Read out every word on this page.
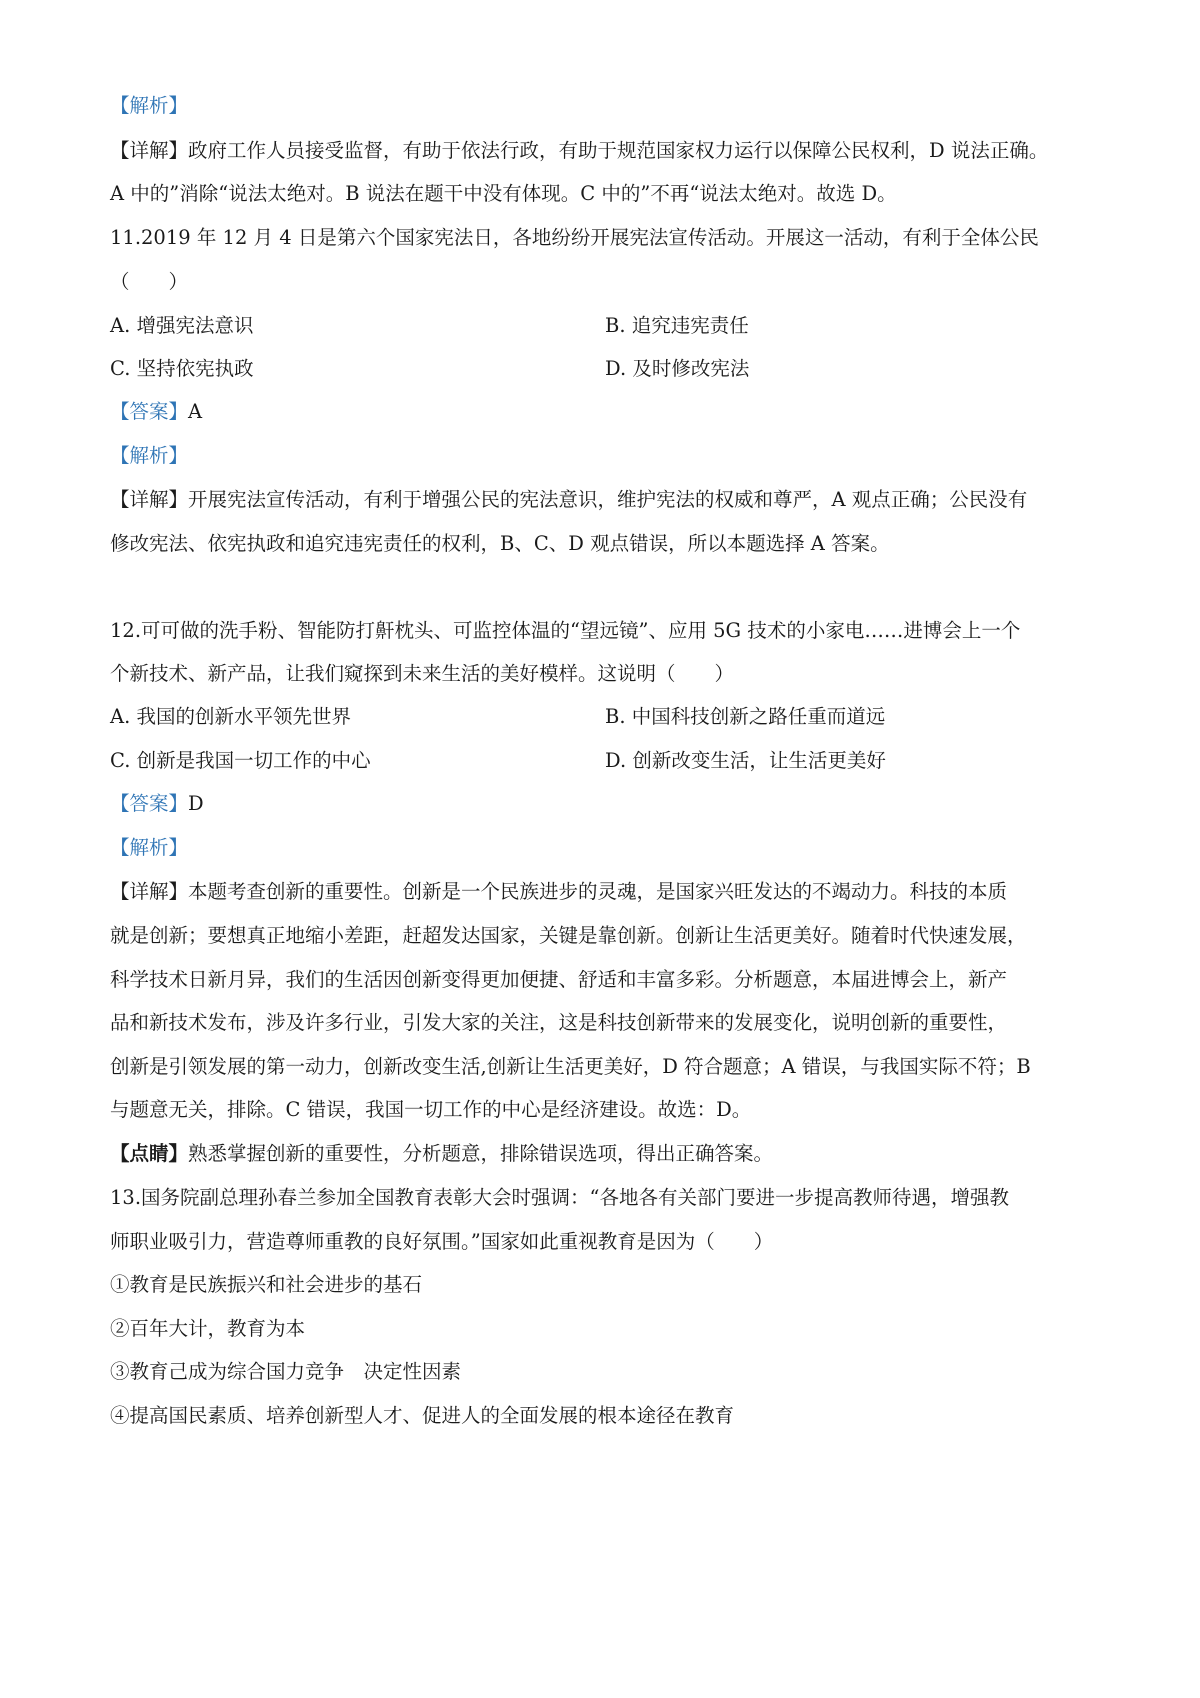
【解析】
【详解】政府工作人员接受监督，有助于依法行政，有助于规范国家权力运行以保障公民权利，D 说法正确。
A 中的”消除“说法太绝对。B 说法在题干中没有体现。C 中的”不再“说法太绝对。故选 D。
11.2019 年 12 月 4 日是第六个国家宪法日，各地纷纷开展宪法宣传活动。开展这一活动，有利于全体公民
（　　）
A. 增强宪法意识	B. 追究违宪责任
C. 坚持依宪执政	D. 及时修改宪法
【答案】A
【解析】
【详解】开展宪法宣传活动，有利于增强公民的宪法意识，维护宪法的权威和尊严，A 观点正确；公民没有
修改宪法、依宪执政和追究违宪责任的权利，B、C、D 观点错误，所以本题选择 A 答案。
12.可可做的洗手粉、智能防打鼾枕头、可监控体温的“望远镜”、应用 5G 技术的小家电……进博会上一个
个新技术、新产品，让我们窥探到未来生活的美好模样。这说明（　　）
A. 我国的创新水平领先世界	B. 中国科技创新之路任重而道远
C. 创新是我国一切工作的中心	D. 创新改变生活，让生活更美好
【答案】D
【解析】
【详解】本题考查创新的重要性。创新是一个民族进步的灵魂，是国家兴旺发达的不竭动力。科技的本质
就是创新；要想真正地缩小差距，赶超发达国家，关键是靠创新。创新让生活更美好。随着时代快速发展，
科学技术日新月异，我们的生活因创新变得更加便捷、舒适和丰富多彩。分析题意，本届进博会上，新产
品和新技术发布，涉及许多行业，引发大家的关注，这是科技创新带来的发展变化，说明创新的重要性，
创新是引领发展的第一动力，创新改变生活,创新让生活更美好，D 符合题意；A 错误，与我国实际不符；B
与题意无关，排除。C 错误，我国一切工作的中心是经济建设。故选：D。
【点睛】熟悉掌握创新的重要性，分析题意，排除错误选项，得出正确答案。
13.国务院副总理孙春兰参加全国教育表彰大会时强调：“各地各有关部门要进一步提高教师待遇，增强教
师职业吸引力，营造尊师重教的良好氛围。”国家如此重视教育是因为（　　）
①教育是民族振兴和社会进步的基石
②百年大计，教育为本
③教育己成为综合国力竞争　决定性因素
④提高国民素质、培养创新型人才、促进人的全面发展的根本途径在教育
